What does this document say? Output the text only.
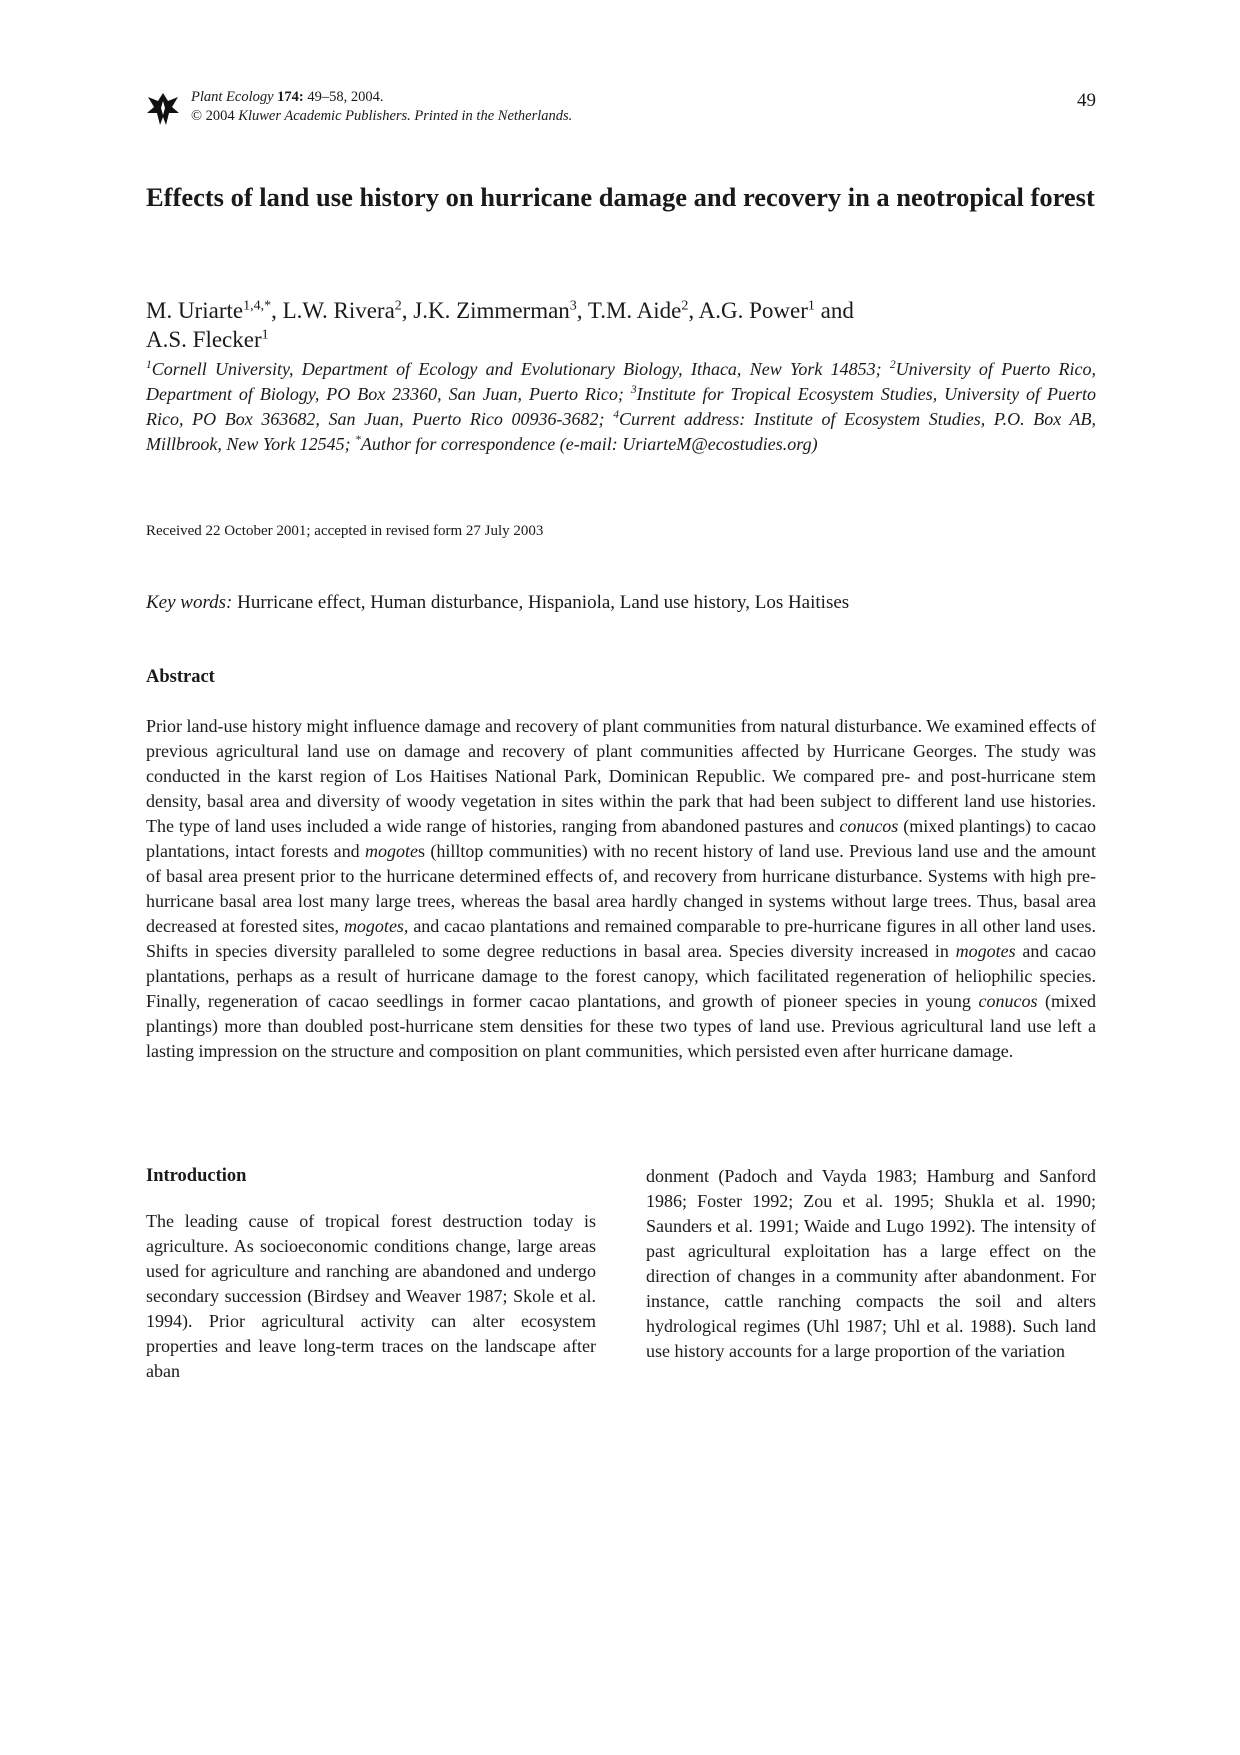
Plant Ecology 174: 49–58, 2004.
© 2004 Kluwer Academic Publishers. Printed in the Netherlands.
49
Effects of land use history on hurricane damage and recovery in a neotropical forest
M. Uriarte$^{1,4,*}$, L.W. Rivera$^2$, J.K. Zimmerman$^3$, T.M. Aide$^2$, A.G. Power$^1$ and
A.S. Flecker$^1$
$^1$Cornell University, Department of Ecology and Evolutionary Biology, Ithaca, New York 14853; $^2$University of Puerto Rico, Department of Biology, PO Box 23360, San Juan, Puerto Rico; $^3$Institute for Tropical Ecosystem Studies, University of Puerto Rico, PO Box 363682, San Juan, Puerto Rico 00936-3682; $^4$Current address: Institute of Ecosystem Studies, P.O. Box AB, Millbrook, New York 12545; *Author for correspondence (e-mail: UriarteM@ecostudies.org)
Received 22 October 2001; accepted in revised form 27 July 2003
Key words: Hurricane effect, Human disturbance, Hispaniola, Land use history, Los Haitises
Abstract

Prior land-use history might influence damage and recovery of plant communities from natural disturbance. We examined effects of previous agricultural land use on damage and recovery of plant communities affected by Hurricane Georges. The study was conducted in the karst region of Los Haitises National Park, Dominican Republic. We compared pre- and post-hurricane stem density, basal area and diversity of woody vegetation in sites within the park that had been subject to different land use histories. The type of land uses included a wide range of histories, ranging from abandoned pastures and conucos (mixed plantings) to cacao plantations, intact forests and mogotes (hilltop communities) with no recent history of land use. Previous land use and the amount of basal area present prior to the hurricane determined effects of, and recovery from hurricane disturbance. Systems with high pre-hurricane basal area lost many large trees, whereas the basal area hardly changed in systems without large trees. Thus, basal area decreased at forested sites, mogotes, and cacao plantations and remained comparable to pre-hurricane figures in all other land uses. Shifts in species diversity paralleled to some degree reductions in basal area. Species diversity increased in mogotes and cacao plantations, perhaps as a result of hurricane damage to the forest canopy, which facilitated regeneration of heliophilic species. Finally, regeneration of cacao seedlings in former cacao plantations, and growth of pioneer species in young conucos (mixed plantings) more than doubled post-hurricane stem densities for these two types of land use. Previous agricultural land use left a lasting impression on the structure and composition on plant communities, which persisted even after hurricane damage.

Introduction

The leading cause of tropical forest destruction today is agriculture. As socioeconomic conditions change, large areas used for agriculture and ranching are abandoned and undergo secondary succession (Birdsey and Weaver 1987; Skole et al. 1994). Prior agricultural activity can alter ecosystem properties and leave long-term traces on the landscape after aban

donment (Padoch and Vayda 1983; Hamburg and Sanford 1986; Foster 1992; Zou et al. 1995; Shukla et al. 1990; Saunders et al. 1991; Waide and Lugo 1992). The intensity of past agricultural exploitation has a large effect on the direction of changes in a community after abandonment. For instance, cattle ranching compacts the soil and alters hydrological regimes (Uhl 1987; Uhl et al. 1988). Such land use history accounts for a large proportion of the variation
